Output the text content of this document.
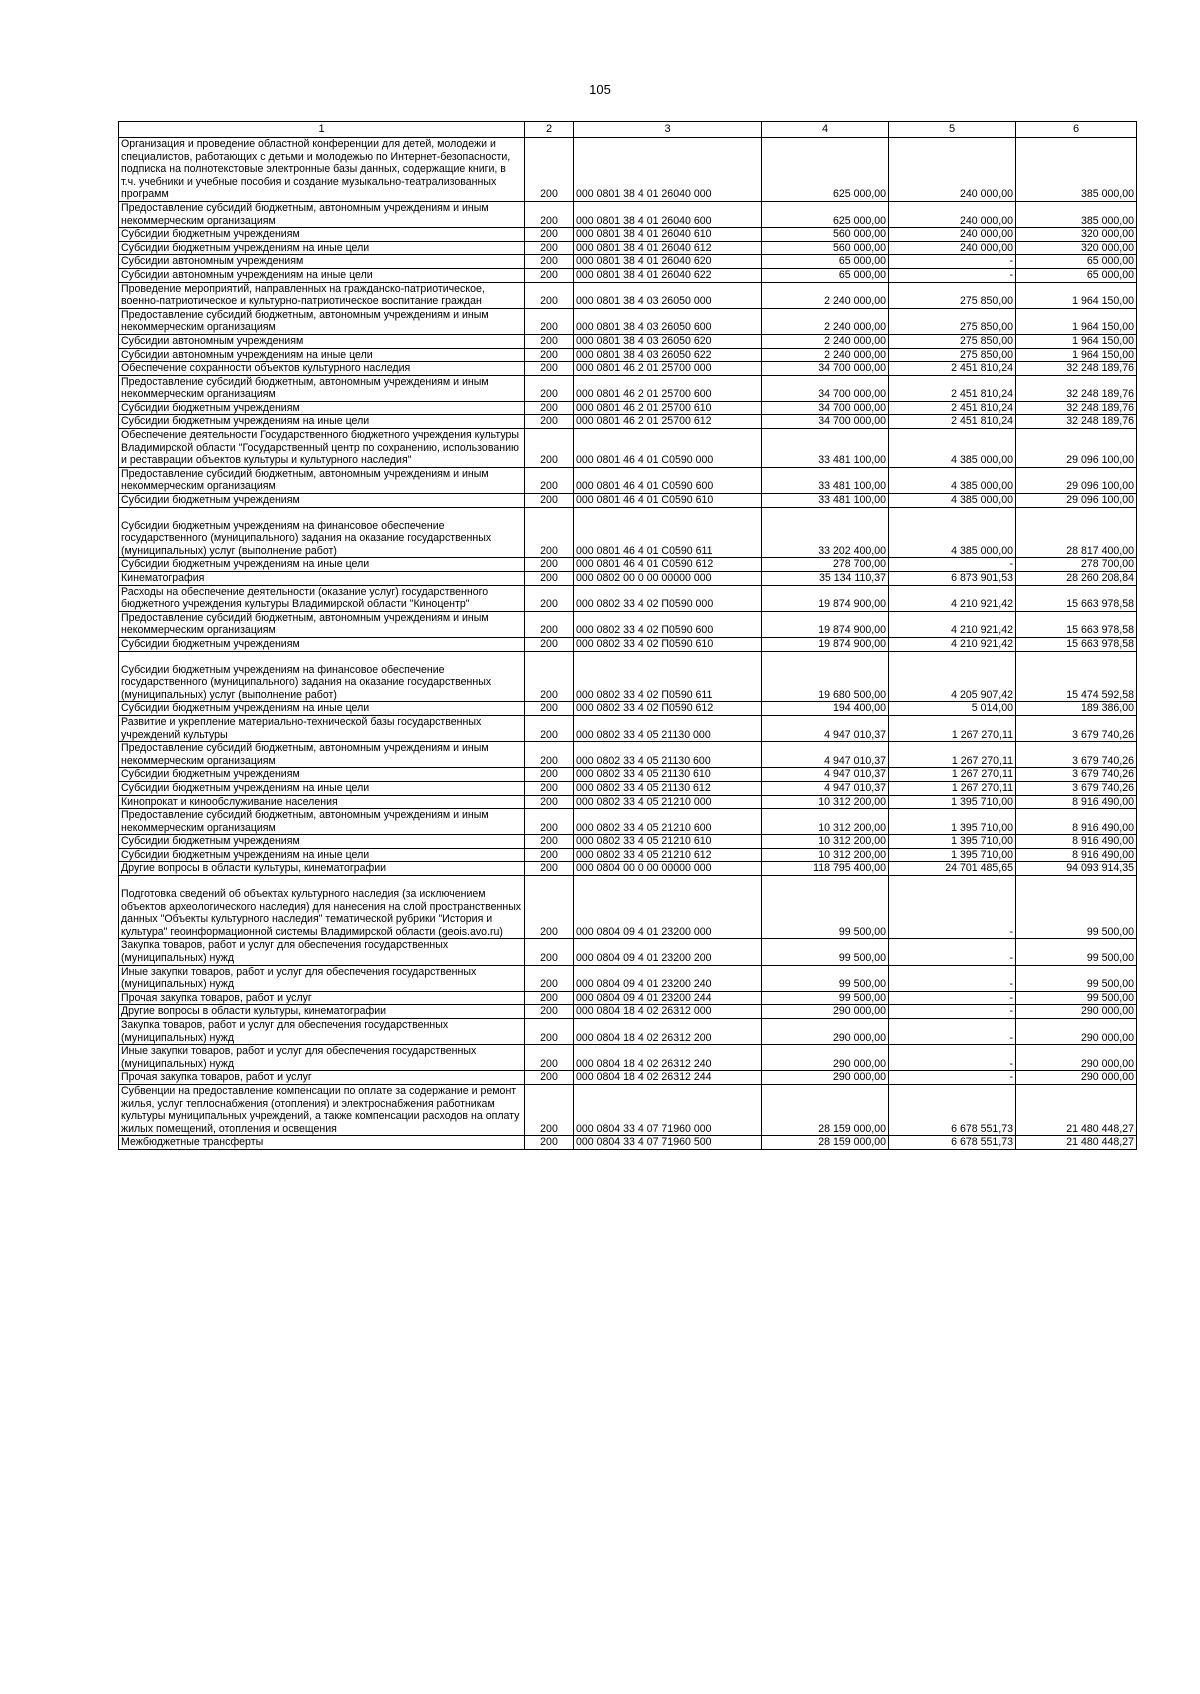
105
1	2	3	4	5	6
Организация и проведение областной конференции для детей, молодежи и специалистов, работающих с детьми и молодежью по Интернет-безопасности, подписка на полнотекстовые электронные базы данных, содержащие книги, в т.ч. учебники и учебные пособия и создание музыкально-театрализованных программ	200	000 0801 38 4 01 26040 000	625 000,00	240 000,00	385 000,00
Предоставление субсидий бюджетным, автономным учреждениям и иным некоммерческим организациям	200	000 0801 38 4 01 26040 600	625 000,00	240 000,00	385 000,00
Субсидии бюджетным учреждениям	200	000 0801 38 4 01 26040 610	560 000,00	240 000,00	320 000,00
Субсидии бюджетным учреждениям на иные цели	200	000 0801 38 4 01 26040 612	560 000,00	240 000,00	320 000,00
Субсидии автономным учреждениям	200	000 0801 38 4 01 26040 620	65 000,00	-	65 000,00
Субсидии автономным учреждениям на иные цели	200	000 0801 38 4 01 26040 622	65 000,00	-	65 000,00
Проведение мероприятий, направленных на гражданско-патриотическое, военно-патриотическое и культурно-патриотическое воспитание граждан	200	000 0801 38 4 03 26050 000	2 240 000,00	275 850,00	1 964 150,00
Предоставление субсидий бюджетным, автономным учреждениям и иным некоммерческим организациям	200	000 0801 38 4 03 26050 600	2 240 000,00	275 850,00	1 964 150,00
Субсидии автономным учреждениям	200	000 0801 38 4 03 26050 620	2 240 000,00	275 850,00	1 964 150,00
Субсидии автономным учреждениям на иные цели	200	000 0801 38 4 03 26050 622	2 240 000,00	275 850,00	1 964 150,00
Обеспечение сохранности объектов культурного наследия	200	000 0801 46 2 01 25700 000	34 700 000,00	2 451 810,24	32 248 189,76
Предоставление субсидий бюджетным, автономным учреждениям и иным некоммерческим организациям	200	000 0801 46 2 01 25700 600	34 700 000,00	2 451 810,24	32 248 189,76
Субсидии бюджетным учреждениям	200	000 0801 46 2 01 25700 610	34 700 000,00	2 451 810,24	32 248 189,76
Субсидии бюджетным учреждениям на иные цели	200	000 0801 46 2 01 25700 612	34 700 000,00	2 451 810,24	32 248 189,76
Обеспечение деятельности Государственного бюджетного учреждения культуры Владимирской области "Государственный центр по сохранению, использованию и реставрации объектов культуры и культурного наследия"	200	000 0801 46 4 01 С0590 000	33 481 100,00	4 385 000,00	29 096 100,00
Предоставление субсидий бюджетным, автономным учреждениям и иным некоммерческим организациям	200	000 0801 46 4 01 С0590 600	33 481 100,00	4 385 000,00	29 096 100,00
Субсидии бюджетным учреждениям	200	000 0801 46 4 01 С0590 610	33 481 100,00	4 385 000,00	29 096 100,00
Субсидии бюджетным учреждениям на финансовое обеспечение государственного (муниципального) задания на оказание государственных (муниципальных) услуг (выполнение работ)	200	000 0801 46 4 01 С0590 611	33 202 400,00	4 385 000,00	28 817 400,00
Субсидии бюджетным учреждениям на иные цели	200	000 0801 46 4 01 С0590 612	278 700,00	-	278 700,00
Кинематография	200	000 0802 00 0 00 00000 000	35 134 110,37	6 873 901,53	28 260 208,84
Расходы на обеспечение деятельности (оказание услуг) государственного бюджетного учреждения культуры Владимирской области "Киноцентр"	200	000 0802 33 4 02 П0590 000	19 874 900,00	4 210 921,42	15 663 978,58
Предоставление субсидий бюджетным, автономным учреждениям и иным некоммерческим организациям	200	000 0802 33 4 02 П0590 600	19 874 900,00	4 210 921,42	15 663 978,58
Субсидии бюджетным учреждениям	200	000 0802 33 4 02 П0590 610	19 874 900,00	4 210 921,42	15 663 978,58
Субсидии бюджетным учреждениям на финансовое обеспечение государственного (муниципального) задания на оказание государственных (муниципальных) услуг (выполнение работ)	200	000 0802 33 4 02 П0590 611	19 680 500,00	4 205 907,42	15 474 592,58
Субсидии бюджетным учреждениям на иные цели	200	000 0802 33 4 02 П0590 612	194 400,00	5 014,00	189 386,00
Развитие и укрепление материально-технической базы государственных учреждений культуры	200	000 0802 33 4 05 21130 000	4 947 010,37	1 267 270,11	3 679 740,26
Предоставление субсидий бюджетным, автономным учреждениям и иным некоммерческим организациям	200	000 0802 33 4 05 21130 600	4 947 010,37	1 267 270,11	3 679 740,26
Субсидии бюджетным учреждениям	200	000 0802 33 4 05 21130 610	4 947 010,37	1 267 270,11	3 679 740,26
Субсидии бюджетным учреждениям на иные цели	200	000 0802 33 4 05 21130 612	4 947 010,37	1 267 270,11	3 679 740,26
Кинопрокат и кинообслуживание населения	200	000 0802 33 4 05 21210 000	10 312 200,00	1 395 710,00	8 916 490,00
Предоставление субсидий бюджетным, автономным учреждениям и иным некоммерческим организациям	200	000 0802 33 4 05 21210 600	10 312 200,00	1 395 710,00	8 916 490,00
Субсидии бюджетным учреждениям	200	000 0802 33 4 05 21210 610	10 312 200,00	1 395 710,00	8 916 490,00
Субсидии бюджетным учреждениям на иные цели	200	000 0802 33 4 05 21210 612	10 312 200,00	1 395 710,00	8 916 490,00
Другие вопросы в области культуры, кинематографии	200	000 0804 00 0 00 00000 000	118 795 400,00	24 701 485,65	94 093 914,35
Подготовка сведений об объектах культурного наследия (за исключением объектов археологического наследия) для нанесения на слой пространственных данных "Объекты культурного наследия" тематической рубрики "История и культура" геоинформационной системы Владимирской области (geois.avo.ru)	200	000 0804 09 4 01 23200 000	99 500,00	-	99 500,00
Закупка товаров, работ и услуг для обеспечения государственных (муниципальных) нужд	200	000 0804 09 4 01 23200 200	99 500,00	-	99 500,00
Иные закупки товаров, работ и услуг для обеспечения государственных (муниципальных) нужд	200	000 0804 09 4 01 23200 240	99 500,00	-	99 500,00
Прочая закупка товаров, работ и услуг	200	000 0804 09 4 01 23200 244	99 500,00	-	99 500,00
Другие вопросы в области культуры, кинематографии	200	000 0804 18 4 02 26312 000	290 000,00	-	290 000,00
Закупка товаров, работ и услуг для обеспечения государственных (муниципальных) нужд	200	000 0804 18 4 02 26312 200	290 000,00	-	290 000,00
Иные закупки товаров, работ и услуг для обеспечения государственных (муниципальных) нужд	200	000 0804 18 4 02 26312 240	290 000,00	-	290 000,00
Прочая закупка товаров, работ и услуг	200	000 0804 18 4 02 26312 244	290 000,00	-	290 000,00
Субвенции на предоставление компенсации по оплате за содержание и ремонт жилья, услуг теплоснабжения (отопления) и электроснабжения работникам культуры муниципальных учреждений, а также компенсации расходов на оплату жилых помещений, отопления и освещения	200	000 0804 33 4 07 71960 000	28 159 000,00	6 678 551,73	21 480 448,27
Межбюджетные трансферты	200	000 0804 33 4 07 71960 500	28 159 000,00	6 678 551,73	21 480 448,27
